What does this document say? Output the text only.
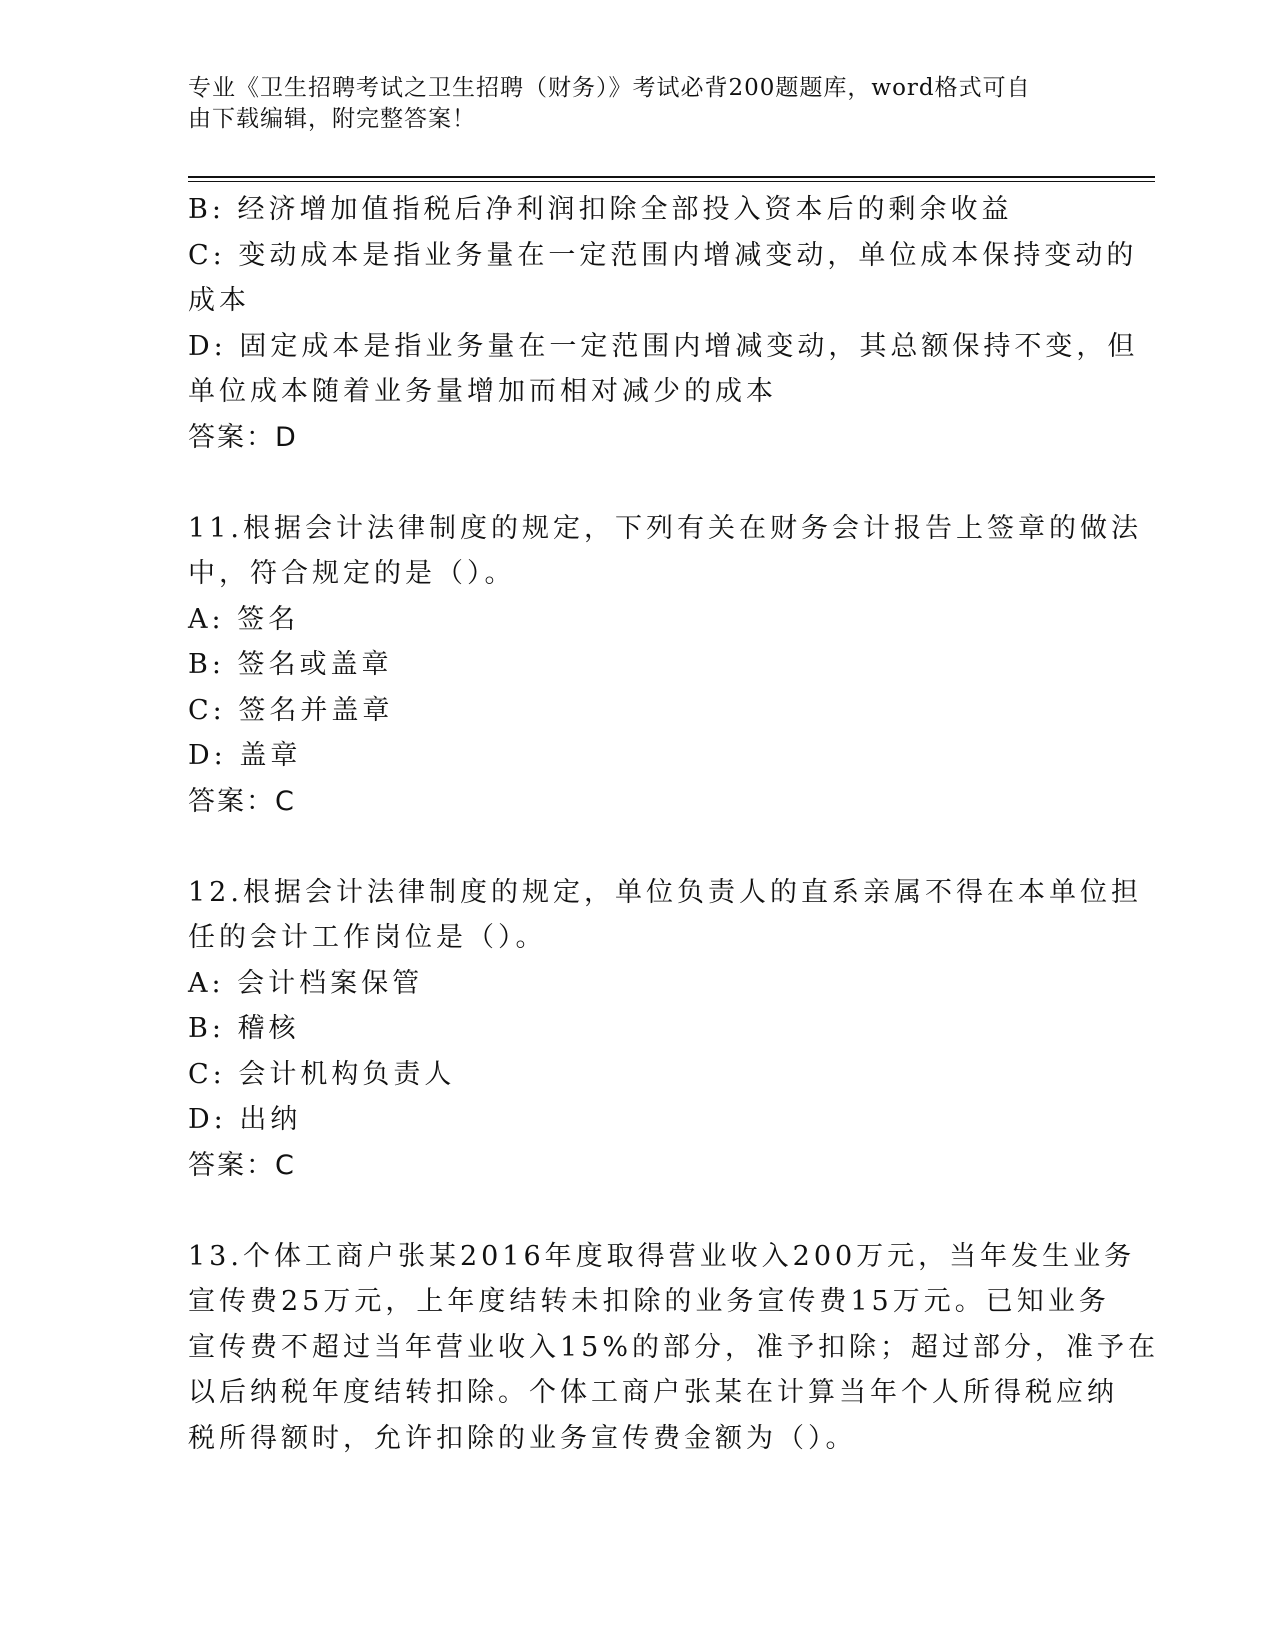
专业《卫生招聘考试之卫生招聘（财务）》考试必背200题题库，word格式可自
由下载编辑，附完整答案！
B: 经济增加值指税后净利润扣除全部投入资本后的剩余收益
C: 变动成本是指业务量在一定范围内增减变动，单位成本保持变动的
成本
D: 固定成本是指业务量在一定范围内增减变动，其总额保持不变，但
单位成本随着业务量增加而相对减少的成本
答案：D
11.根据会计法律制度的规定，下列有关在财务会计报告上签章的做法
中，符合规定的是（）。
A: 签名
B: 签名或盖章
C: 签名并盖章
D: 盖章
答案：C
12.根据会计法律制度的规定，单位负责人的直系亲属不得在本单位担
任的会计工作岗位是（）。
A: 会计档案保管
B: 稽核
C: 会计机构负责人
D: 出纳
答案：C
13.个体工商户张某2016年度取得营业收入200万元，当年发生业务
宣传费25万元，上年度结转未扣除的业务宣传费15万元。已知业务
宣传费不超过当年营业收入15%的部分，准予扣除；超过部分，准予在
以后纳税年度结转扣除。个体工商户张某在计算当年个人所得税应纳
税所得额时，允许扣除的业务宣传费金额为（）。
